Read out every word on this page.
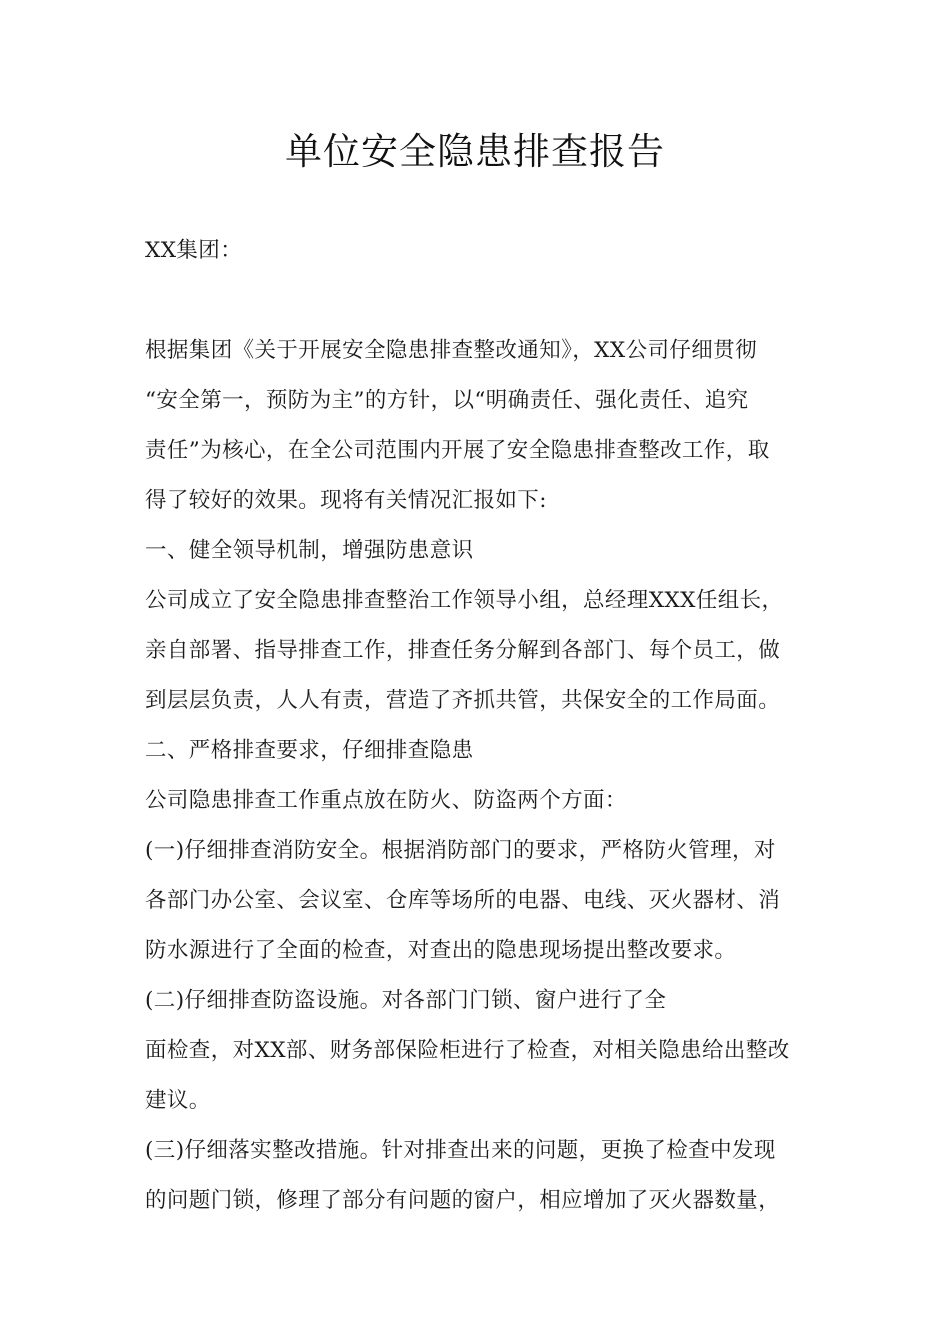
单位安全隐患排查报告
XX集团：
根据集团《关于开展安全隐患排查整改通知》，XX公司仔细贯彻
“安全第一，预防为主”的方针，以“明确责任、强化责任、追究
责任”为核心，在全公司范围内开展了安全隐患排查整改工作，取
得了较好的效果。现将有关情况汇报如下:
一、健全领导机制，增强防患意识
公司成立了安全隐患排查整治工作领导小组，总经理XXX任组长，
亲自部署、指导排查工作，排查任务分解到各部门、每个员工，做
到层层负责，人人有责，营造了齐抓共管，共保安全的工作局面。
二、严格排查要求，仔细排查隐患
公司隐患排查工作重点放在防火、防盗两个方面：
(一)仔细排查消防安全。根据消防部门的要求，严格防火管理，对
各部门办公室、会议室、仓库等场所的电器、电线、灭火器材、消
防水源进行了全面的检查，对查出的隐患现场提出整改要求。
(二)仔细排查防盗设施。对各部门门锁、窗户进行了全
面检查，对XX部、财务部保险柜进行了检查，对相关隐患给出整改
建议。
(三)仔细落实整改措施。针对排查出来的问题，更换了检查中发现
的问题门锁，修理了部分有问题的窗户，相应增加了灭火器数量，
